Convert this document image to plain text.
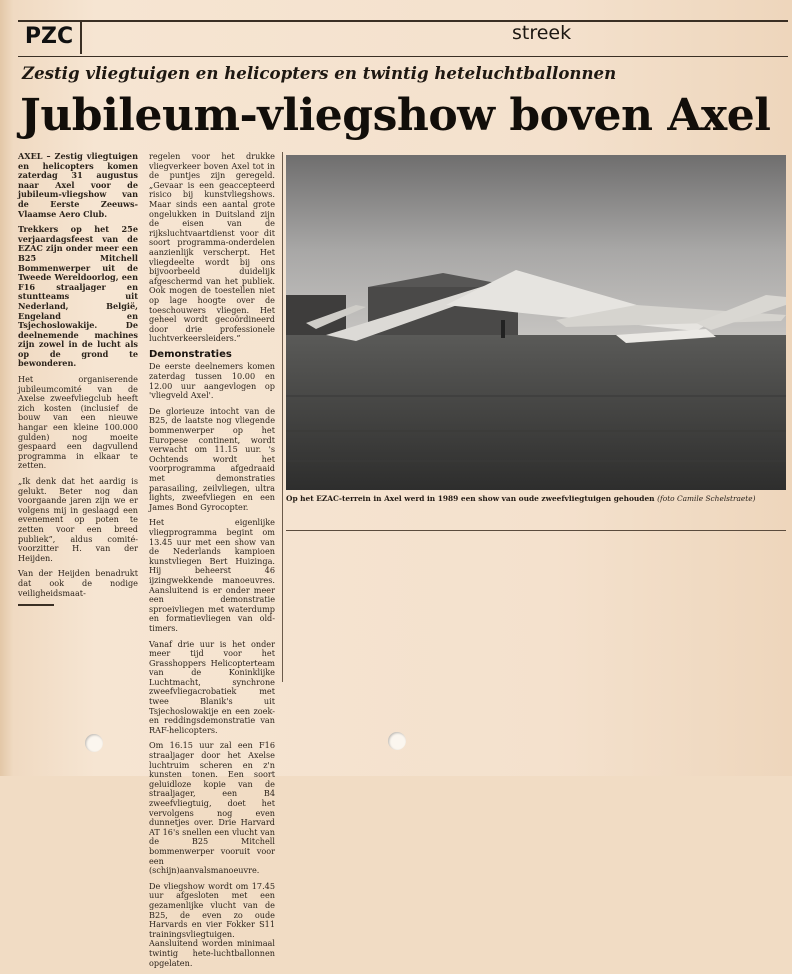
PZC	streek
Zestig vliegtuigen en helicopters en twintig heteluchtballonnen
Jubileum-vliegshow boven Axel

AXEL – Zestig vliegtuigen en helicopters komen zaterdag 31 augustus naar Axel voor de jubileum-vliegshow van de Eerste Zeeuws-Vlaamse Aero Club.

Trekkers op het 25e verjaardagsfeest van de EZAC zijn onder meer een B25 Mitchell Bommenwerper uit de Tweede Wereldoorlog, een F16 straaljager en stuntteams uit Nederland, België, Engeland en Tsjechoslowakije. De deelnemende machines zijn zowel in de lucht als op de grond te bewonderen.

Het organiserende jubileumcomité van de Axelse zweefvliegclub heeft zich kosten (inclusief de bouw van een nieuwe hangar een kleine 100.000 gulden) nog moeite gespaard een dagvullend programma in elkaar te zetten.

„Ik denk dat het aardig is gelukt. Beter nog dan voorgaande jaren zijn we er volgens mij in geslaagd een evenement op poten te zetten voor een breed publiek”, aldus comité-voorzitter H. van der Heijden.

Van der Heijden benadrukt dat ook de nodige veiligheidsmaat-

regelen voor het drukke vliegverkeer boven Axel tot in de puntjes zijn geregeld. „Gevaar is een geaccepteerd risico bij kunstvliegshows. Maar sinds een aantal grote ongelukken in Duitsland zijn de eisen van de rijksluchtvaartdienst voor dit soort programma-onderdelen aanzienlijk verscherpt. Het vliegdeelte wordt bij ons bijvoorbeeld duidelijk afgeschermd van het publiek. Ook mogen de toestellen niet op lage hoogte over de toeschouwers vliegen. Het geheel wordt gecoördineerd door drie professionele luchtverkeersleiders.”

Demonstraties

De eerste deelnemers komen zaterdag tussen 10.00 en 12.00 uur aangevlogen op 'vliegveld Axel'.

De glorieuze intocht van de B25, de laatste nog vliegende bommenwerper op het Europese continent, wordt verwacht om 11.15 uur. 's Ochtends wordt het voorprogramma afgedraaid met demonstraties parasailing, zeilvliegen, ultra lights, zweefvliegen en een James Bond Gyrocopter.

Het eigenlijke vliegprogramma begint om 13.45 uur met een show van de Nederlands kampioen kunstvliegen Bert Huizinga. Hij beheerst 46 ijzingwekkende manoeuvres. Aansluitend is er onder meer een demonstratie sproeivliegen met waterdump en formatievliegen van old-timers.

Vanaf drie uur is het onder meer tijd voor het Grasshoppers Helicopterteam van de Koninklijke Luchtmacht, synchrone zweefvliegacrobatiek met twee Blanik's uit Tsjechoslowakije en een zoek- en reddingsdemonstratie van RAF-helicopters.

Om 16.15 uur zal een F16 straaljager door het Axelse luchtruim scheren en z'n kunsten tonen. Een soort geluidloze kopie van de straaljager, een B4 zweefvliegtuig, doet het vervolgens nog even dunnetjes over. Drie Harvard AT 16's snellen een vlucht van de B25 Mitchell bommenwerper vooruit voor een (schijn)aanvalsmanoeuvre.

De vliegshow wordt om 17.45 uur afgesloten met een gezamenlijke vlucht van de B25, de even zo oude Harvards en vier Fokker S11 trainingsvliegtuigen. Aansluitend worden minimaal twintig hete-luchtballonnen opgelaten.

Op het EZAC-terrein in Axel werd in 1989 een show van oude zweefvliegtuigen gehouden (foto Camile Schelstraete)
